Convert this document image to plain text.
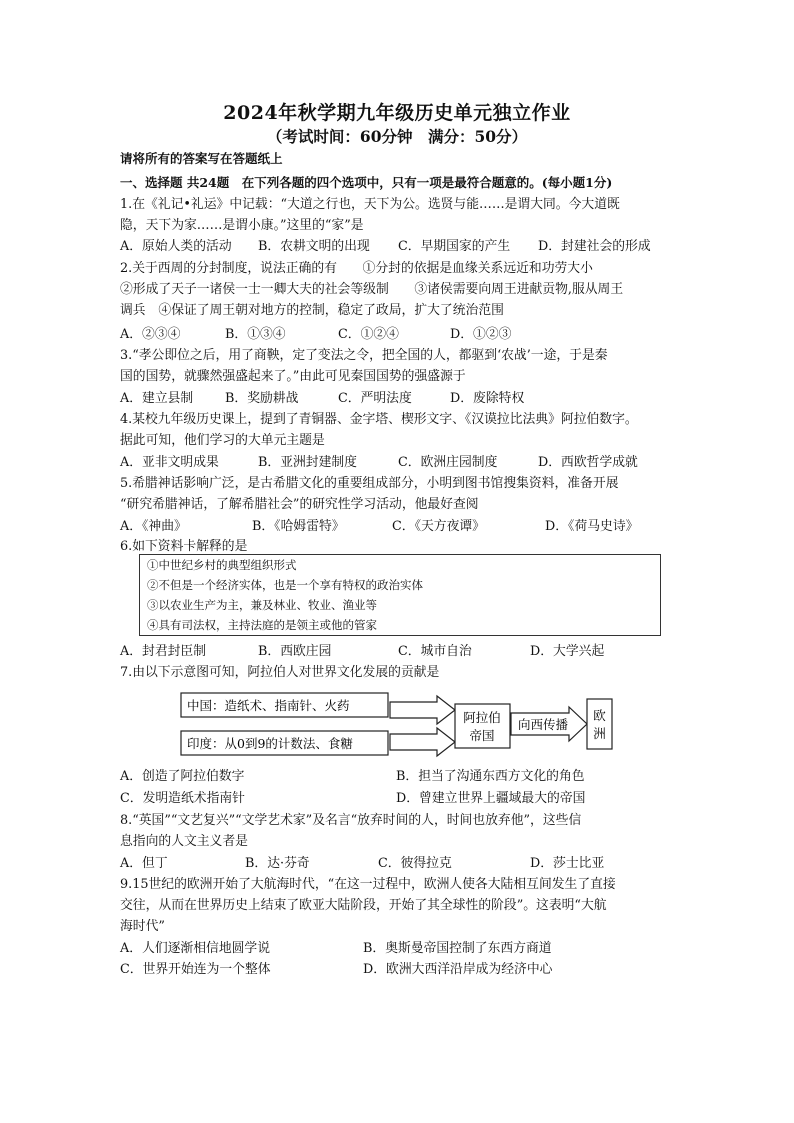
2024年秋学期九年级历史单元独立作业
（考试时间：60分钟　满分：50分）
请将所有的答案写在答题纸上
一、选择题 共24题　在下列各题的四个选项中，只有一项是最符合题意的。(每小题1分)
1.在《礼记•礼运》中记载：“大道之行也，天下为公。选贤与能……是谓大同。今大道既
隐，天下为家……是谓小康。”这里的“家”是
A．原始人类的活动 B．农耕文明的出现 C．早期国家的产生 D．封建社会的形成
2.关于西周的分封制度，说法正确的有　　①分封的依据是血缘关系远近和功劳大小
②形成了天子一诸侯一士一卿大夫的社会等级制　　③诸侯需要向周王进献贡物,服从周王
调兵　④保证了周王朝对地方的控制，稳定了政局，扩大了统治范围
A．②③④	B．①③④	C．①②④	D．①②③
3.“孝公即位之后，用了商鞅，定了变法之令，把全国的人，都驱到‘农战’一途，于是秦
国的国势，就骤然强盛起来了。”由此可见秦国国势的强盛源于
A．建立县制 B．奖励耕战	C．严明法度	D．废除特权
4.某校九年级历史课上，提到了青铜器、金字塔、楔形文字、《汉谟拉比法典》阿拉伯数字。
据此可知，他们学习的大单元主题是
A．亚非文明成果	B．亚洲封建制度	C．欧洲庄园制度	D．西欧哲学成就
5.希腊神话影响广泛，是古希腊文化的重要组成部分，小明到图书馆搜集资料，准备开展
“研究希腊神话，了解希腊社会”的研究性学习活动，他最好查阅
A．《神曲》	B．《哈姆雷特》	C．《天方夜谭》	D．《荷马史诗》
6.如下资料卡解释的是
①中世纪乡村的典型组织形式
②不但是一个经济实体，也是一个享有特权的政治实体
③以农业生产为主，兼及林业、牧业、渔业等
④具有司法权，主持法庭的是领主或他的管家
A．封君封臣制	B．西欧庄园	C．城市自治	D．大学兴起
7.由以下示意图可知，阿拉伯人对世界文化发展的贡献是
中国：造纸术、指南针、火药
印度：从0到9的计数法、食糖
阿拉伯
帝国
向西传播
欧
洲
A．创造了阿拉伯数字	B．担当了沟通东西方文化的角色
C．发明造纸术指南针	D．曾建立世界上疆域最大的帝国
8.“英国”“文艺复兴”“文学艺术家”及名言“放弃时间的人，时间也放弃他”，这些信
息指向的人文主义者是
A．但丁	B．达·芬奇	C．彼得拉克	D．莎士比亚
9.15世纪的欧洲开始了大航海时代，“在这一过程中，欧洲人使各大陆相互间发生了直接
交往，从而在世界历史上结束了欧亚大陆阶段，开始了其全球性的阶段”。这表明“大航
海时代”
A．人们逐渐相信地圆学说	B．奥斯曼帝国控制了东西方商道
C．世界开始连为一个整体	D．欧洲大西洋沿岸成为经济中心
